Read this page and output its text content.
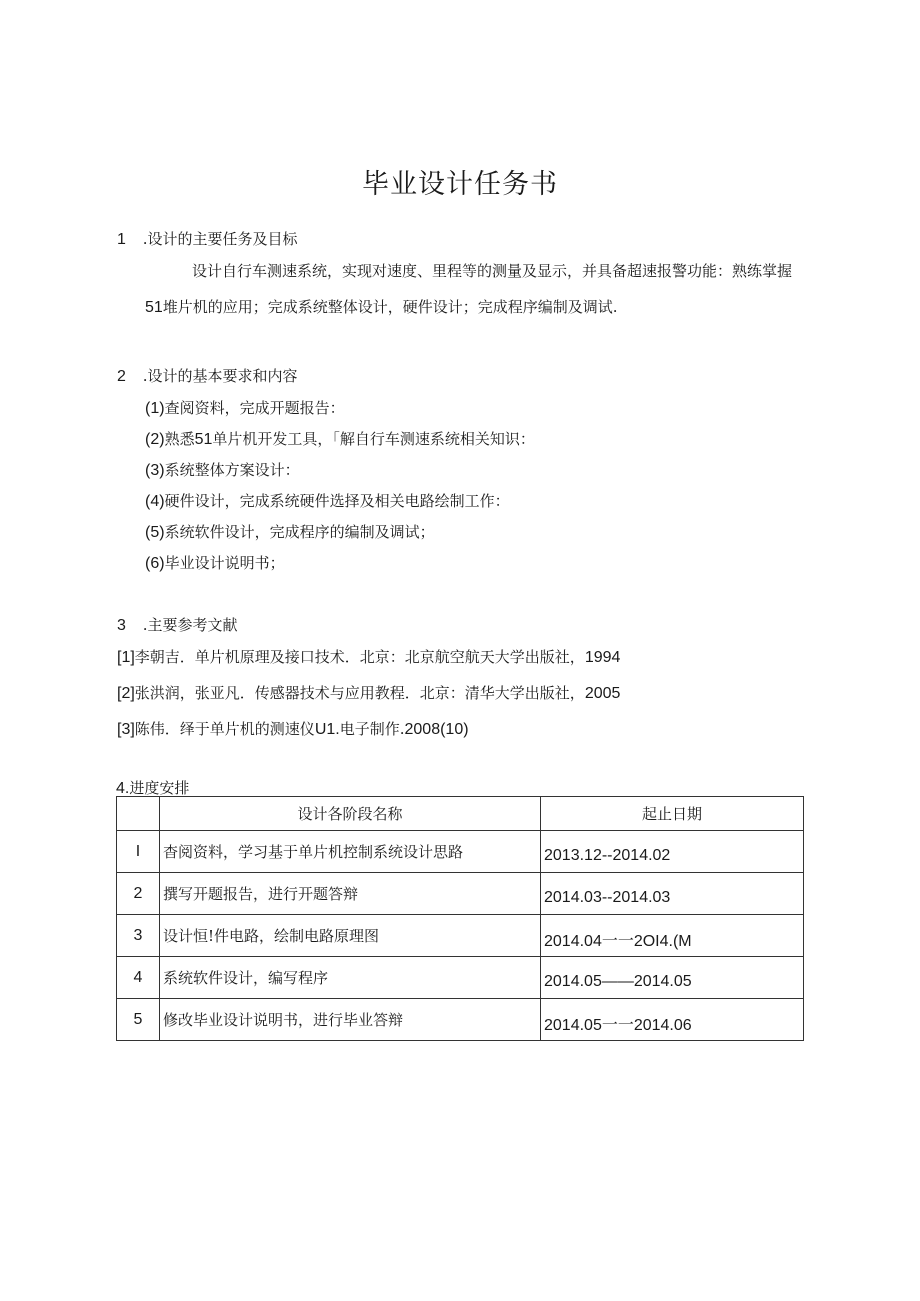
毕业设计任务书
1 .设计的主要任务及目标
设计自行车测速系统，实现对速度、里程等的测量及显示，并具备超速报警功能：熟练掌握
51堆片机的应用；完成系统整体设计，硬件设计；完成程序编制及调试.
2 .设计的基本要求和内容
(1)查阅资料，完成开题报告：
(2)熟悉51单片机开发工具，「解自行车测速系统相关知识：
(3)系统整体方案设计：
(4)硬件设计，完成系统硬件选择及相关电路绘制工作：
(5)系统软件设计，完成程序的编制及调试；
(6)毕业设计说明书；
3 .主要参考文献
[1]李朝吉．单片机原理及接口技术．北京：北京航空航天大学出版社，1994
[2]张洪润，张亚凡．传感器技术与应用教程．北京：清华大学出版社，2005
[3]陈伟．绎于单片机的测速仪U1.电子制作.2008(10)
4.进度安排
	设计各阶段名称	起止日期
I	杳阅资料，学习基于单片机控制系统设计思路	2013.12--2014.02
2	撰写开题报告，进行开题答辩	2014.03--2014.03
3	设计恒!件电路，绘制电路原理图	2014.04一一2OI4.(M
4	系统软件设计，编写程序	2014.05——2014.05
5	修改毕业设计说明书，进行毕业答辩	2014.05一一2014.06
